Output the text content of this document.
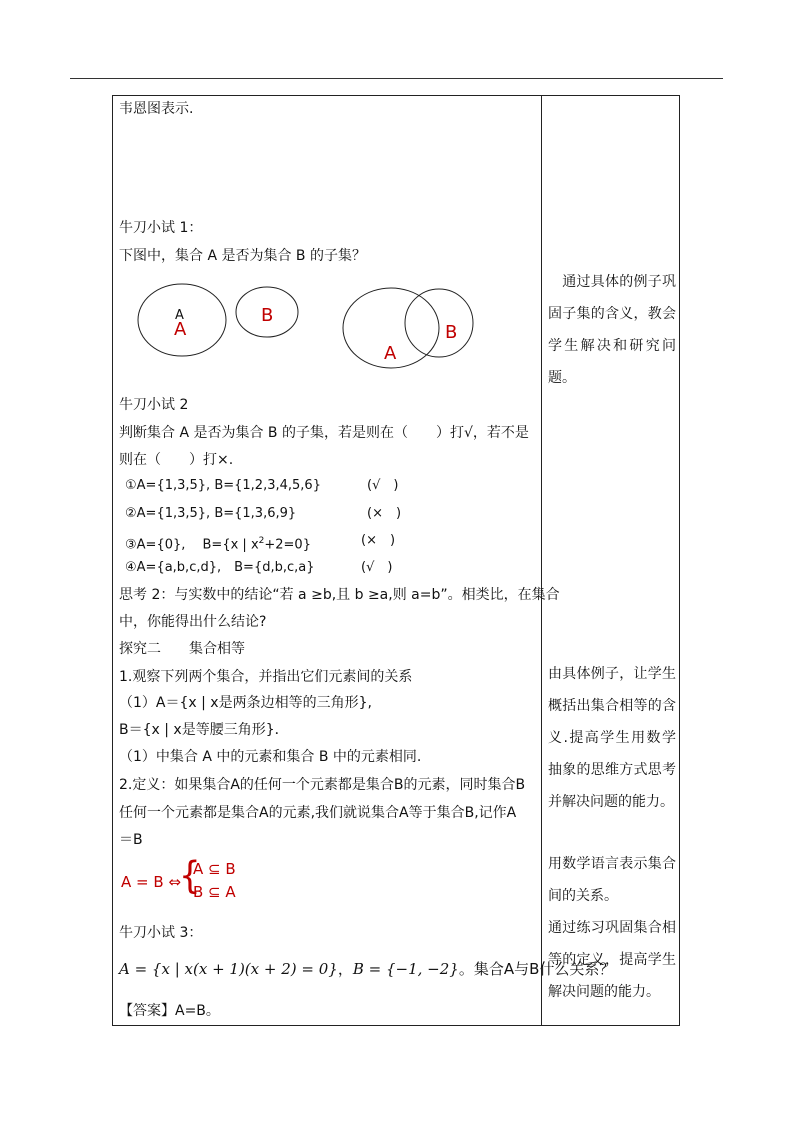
韦恩图表示.
牛刀小试 1：
下图中，集合 A 是否为集合 B 的子集？
A
A
B
A
B
牛刀小试 2
判断集合 A 是否为集合 B 的子集，若是则在（　　）打√，若不是
则在（　　）打×.
①A={1,3,5}, B={1,2,3,4,5,6}	(√　)
②A={1,3,5}, B={1,3,6,9}	(×　)
③A={0},　 B={x | $x^2+2=0$}	(×　)
④A={a,b,c,d},　B={d,b,c,a}	(√　)
思考 2：与实数中的结论“若 a ≥b,且 b ≥a,则 a=b”。相类比，在集合
中，你能得出什么结论?
探究二　　集合相等
1.观察下列两个集合，并指出它们元素间的关系
（1）A＝{x | x是两条边相等的三角形},
B＝{x | x是等腰三角形}．
（1）中集合 A 中的元素和集合 B 中的元素相同.
2.定义：如果集合A的任何一个元素都是集合B的元素，同时集合B
任何一个元素都是集合A的元素,我们就说集合A等于集合B,记作A
＝B
A = B ⇔
{
A ⊆ B
B ⊆ A
牛刀小试 3：
A = {x | x(x + 1)(x + 2) = 0}，B = {−1, −2}。集合A与B什么关系？
【答案】A=B。
　通过具体的例子巩固子集的含义，教会学生解决和研究问题。
由具体例子，让学生概括出集合相等的含义.提高学生用数学抽象的思维方式思考并解决问题的能力。
用数学语言表示集合间的关系。
通过练习巩固集合相等的定义，提高学生解决问题的能力。
